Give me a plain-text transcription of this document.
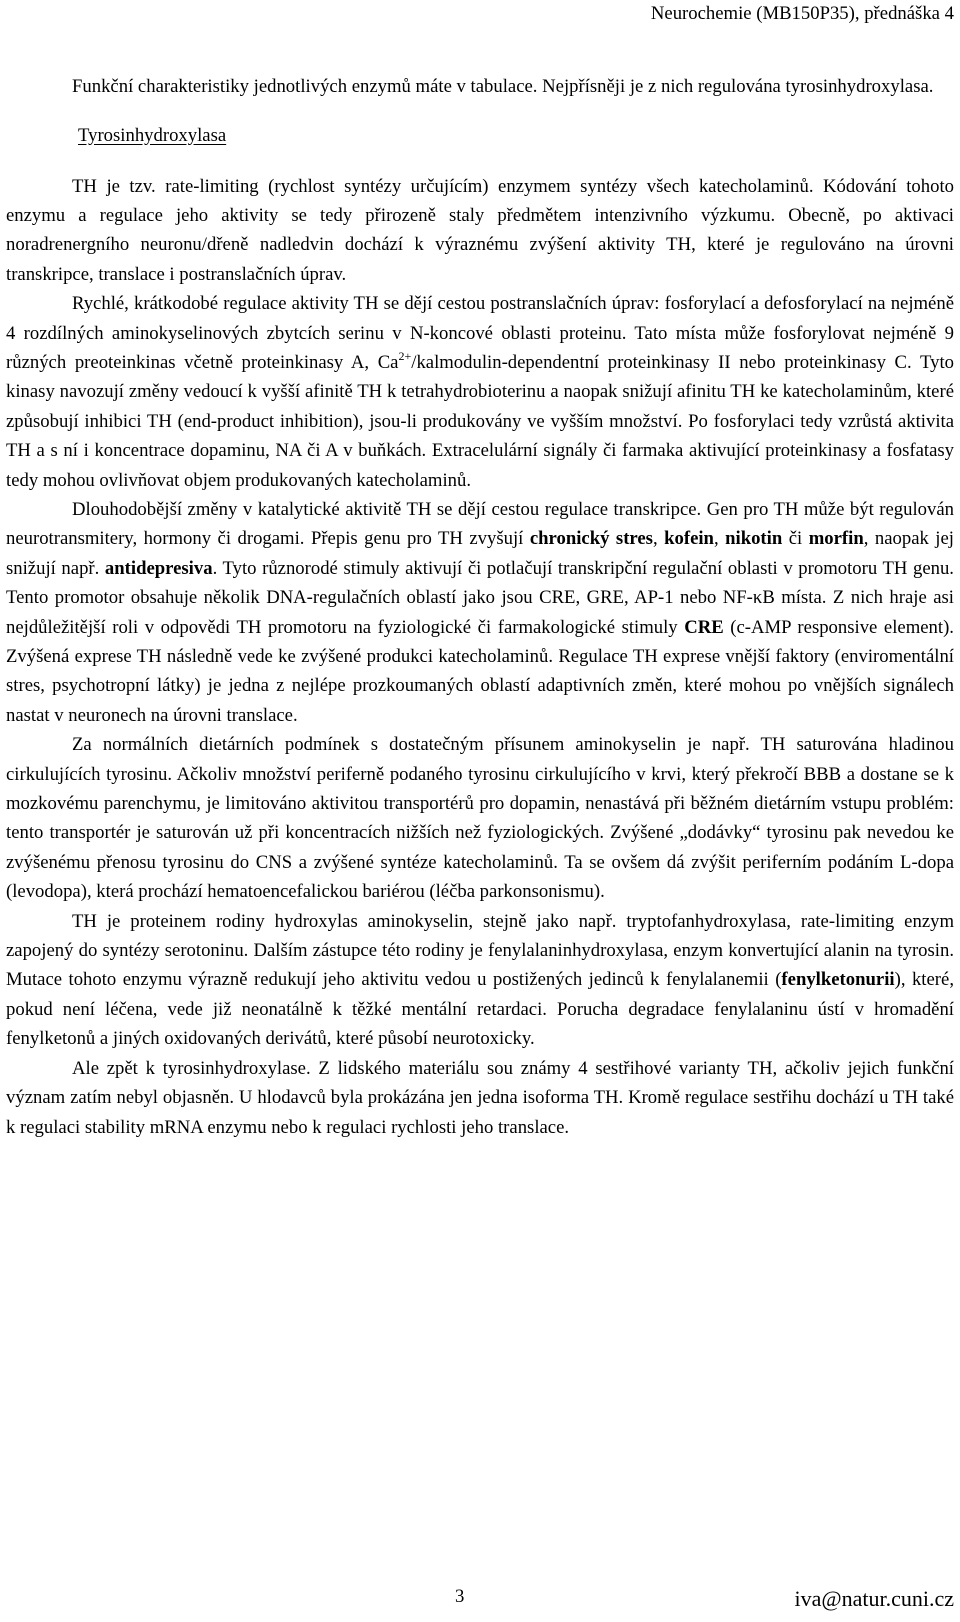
Neurochemie (MB150P35), přednáška 4

Funkční charakteristiky jednotlivých enzymů máte v tabulace. Nejpřísněji je z nich regulována tyrosinhydroxylasa.

Tyrosinhydroxylasa

TH je tzv. rate-limiting (rychlost syntézy určujícím) enzymem syntézy všech katecholaminů. Kódování tohoto enzymu a regulace jeho aktivity se tedy přirozeně staly předmětem intenzivního výzkumu. Obecně, po aktivaci noradrenergního neuronu/dřeně nadledvin dochází k výraznému zvýšení aktivity TH, které je regulováno na úrovni transkripce, translace i postranslačních úprav.

Rychlé, krátkodobé regulace aktivity TH se dějí cestou postranslačních úprav: fosforylací a defosforylací na nejméně 4 rozdílných aminokyselinových zbytcích serinu v N-koncové oblasti proteinu. Tato místa může fosforylovat nejméně 9 různých preoteinkinas včetně proteinkinasy A, $Ca^{2+}/kalmodulin$-dependentní proteinkinasy II nebo proteinkinasy C. Tyto kinasy navozují změny vedoucí k vyšší afinitě TH k tetrahydrobioterinu a naopak snižují afinitu TH ke katecholaminům, které způsobují inhibici TH (end-product inhibition), jsou-li produkovány ve vyšším množství. Po fosforylaci tedy vzrůstá aktivita TH a s ní i koncentrace dopaminu, NA či A v buňkách. Extracelulární signály či farmaka aktivující proteinkinasy a fosfatasy tedy mohou ovlivňovat objem produkovaných katecholaminů.

Dlouhodobější změny v katalytické aktivitě TH se dějí cestou regulace transkripce. Gen pro TH může být regulován neurotransmitery, hormony či drogami. Přepis genu pro TH zvyšují chronický stres, kofein, nikotin či morfin, naopak jej snižují např. antidepresiva. Tyto různorodé stimuly aktivují či potlačují transkripční regulační oblasti v promotoru TH genu. Tento promotor obsahuje několik DNA-regulačních oblastí jako jsou CRE, GRE, AP-1 nebo NF-κB místa. Z nich hraje asi nejdůležitější roli v odpovědi TH promotoru na fyziologické či farmakologické stimuly CRE (c-AMP responsive element). Zvýšená exprese TH následně vede ke zvýšené produkci katecholaminů. Regulace TH exprese vnější faktory (enviromentální stres, psychotropní látky) je jedna z nejlépe prozkoumaných oblastí adaptivních změn, které mohou po vnějších signálech nastat v neuronech na úrovni translace.

Za normálních dietárních podmínek s dostatečným přísunem aminokyselin je např. TH saturována hladinou cirkulujících tyrosinu. Ačkoliv množství periferně podaného tyrosinu cirkulujícího v krvi, který překročí BBB a dostane se k mozkovému parenchymu, je limitováno aktivitou transportérů pro dopamin, nenastává při běžném dietárním vstupu problém: tento transportér je saturován už při koncentracích nižších než fyziologických. Zvýšené „dodávky“ tyrosinu pak nevedou ke zvýšenému přenosu tyrosinu do CNS a zvýšené syntéze katecholaminů. Ta se ovšem dá zvýšit periferním podáním L-dopa (levodopa), která prochází hematoencefalickou bariérou (léčba parkonsonismu).

TH je proteinem rodiny hydroxylas aminokyselin, stejně jako např. tryptofanhydroxylasa, rate-limiting enzym zapojený do syntézy serotoninu. Dalším zástupce této rodiny je fenylalaninhydroxylasa, enzym konvertující alanin na tyrosin. Mutace tohoto enzymu výrazně redukují jeho aktivitu vedou u postižených jedinců k fenylalanemii (fenylketonurii), které, pokud není léčena, vede již neonatálně k těžké mentální retardaci. Porucha degradace fenylalaninu ústí v hromadění fenylketonů a jiných oxidovaných derivátů, které působí neurotoxicky.

Ale zpět k tyrosinhydroxylase. Z lidského materiálu sou známy 4 sestřihové varianty TH, ačkoliv jejich funkční význam zatím nebyl objasněn. U hlodavců byla prokázána jen jedna isoforma TH. Kromě regulace sestřihu dochází u TH také k regulaci stability mRNA enzymu nebo k regulaci rychlosti jeho translace.

3	iva@natur.cuni.cz
